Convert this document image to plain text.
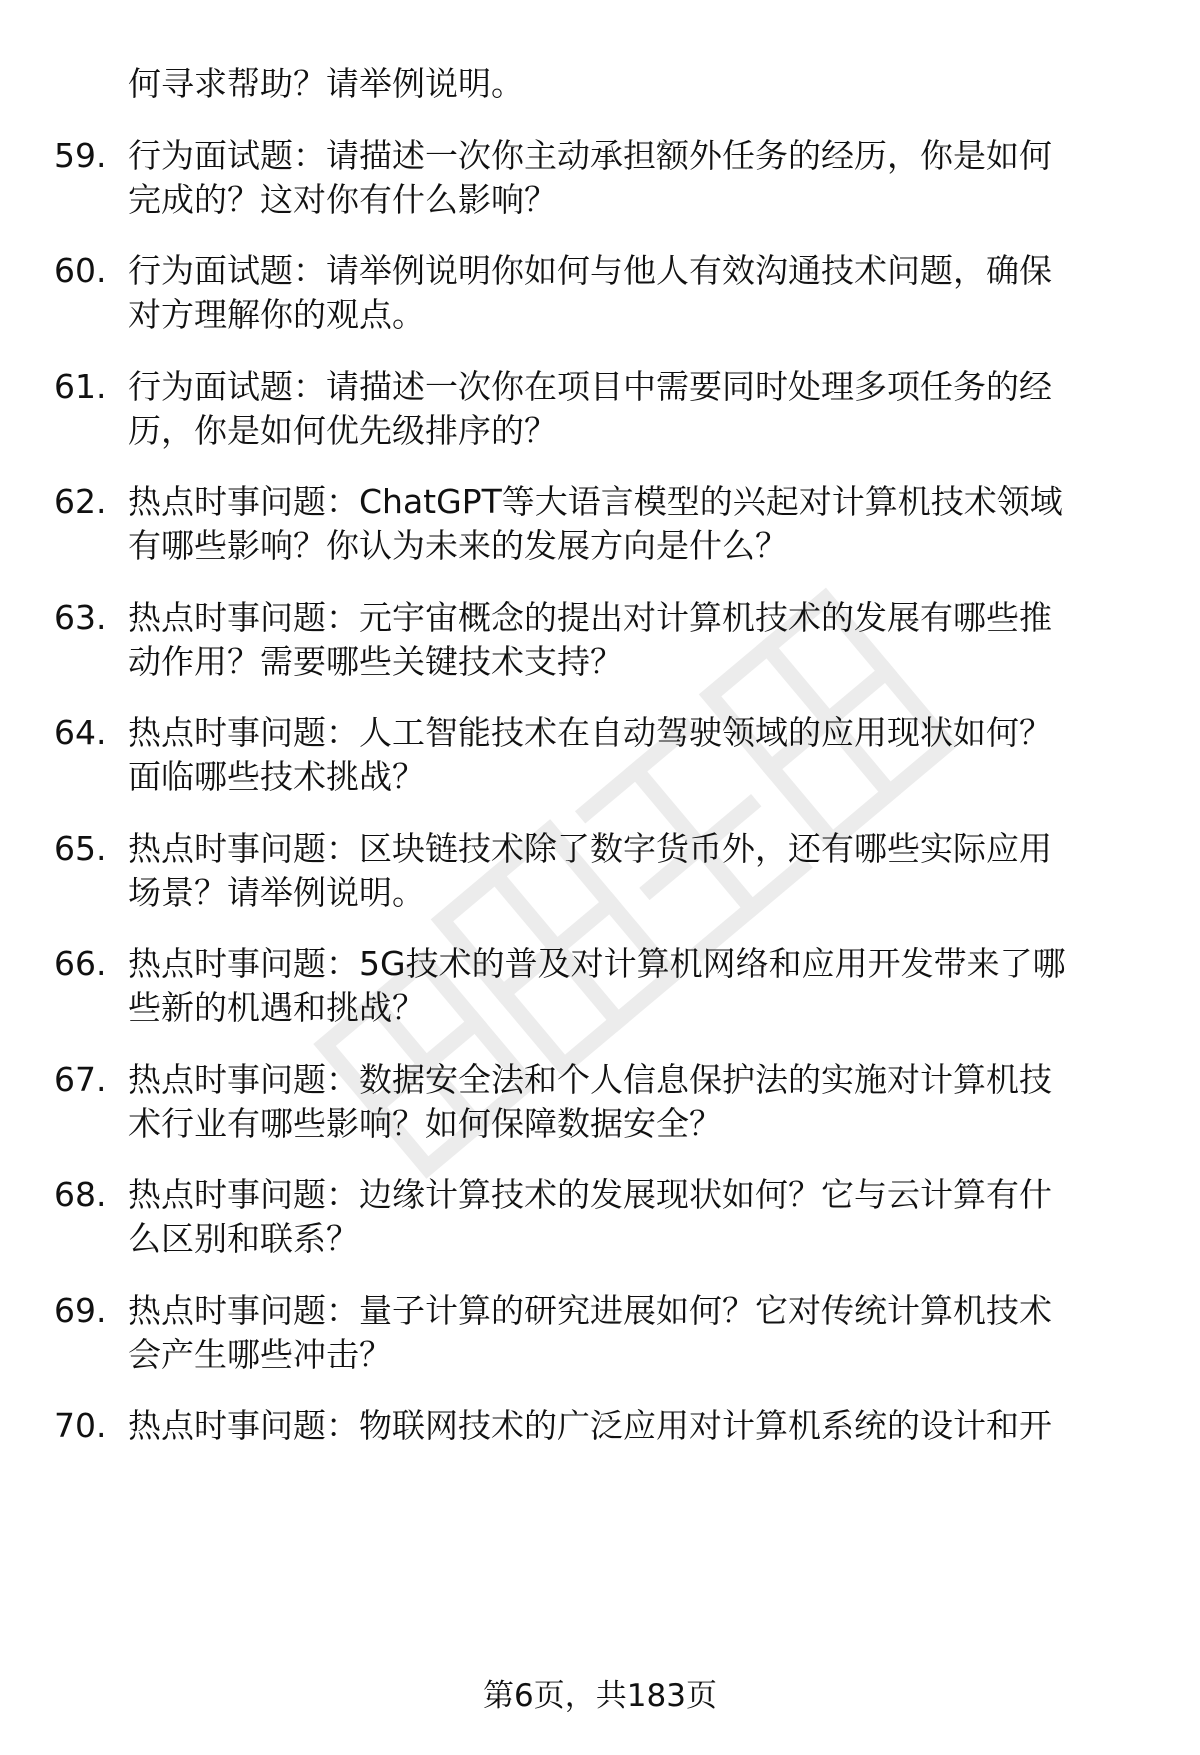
何寻求帮助？请举例说明。
59. 行为面试题：请描述一次你主动承担额外任务的经历，你是如何
完成的？这对你有什么影响？
60. 行为面试题：请举例说明你如何与他人有效沟通技术问题，确保
对方理解你的观点。
61. 行为面试题：请描述一次你在项目中需要同时处理多项任务的经
历，你是如何优先级排序的？
62. 热点时事问题：ChatGPT等大语言模型的兴起对计算机技术领域
有哪些影响？你认为未来的发展方向是什么？
63. 热点时事问题：元宇宙概念的提出对计算机技术的发展有哪些推
动作用？需要哪些关键技术支持？
64. 热点时事问题：人工智能技术在自动驾驶领域的应用现状如何？
面临哪些技术挑战？
65. 热点时事问题：区块链技术除了数字货币外，还有哪些实际应用
场景？请举例说明。
66. 热点时事问题：5G技术的普及对计算机网络和应用开发带来了哪
些新的机遇和挑战？
67. 热点时事问题：数据安全法和个人信息保护法的实施对计算机技
术行业有哪些影响？如何保障数据安全？
68. 热点时事问题：边缘计算技术的发展现状如何？它与云计算有什
么区别和联系？
69. 热点时事问题：量子计算的研究进展如何？它对传统计算机技术
会产生哪些冲击？
70. 热点时事问题：物联网技术的广泛应用对计算机系统的设计和开
第6页，共183页
